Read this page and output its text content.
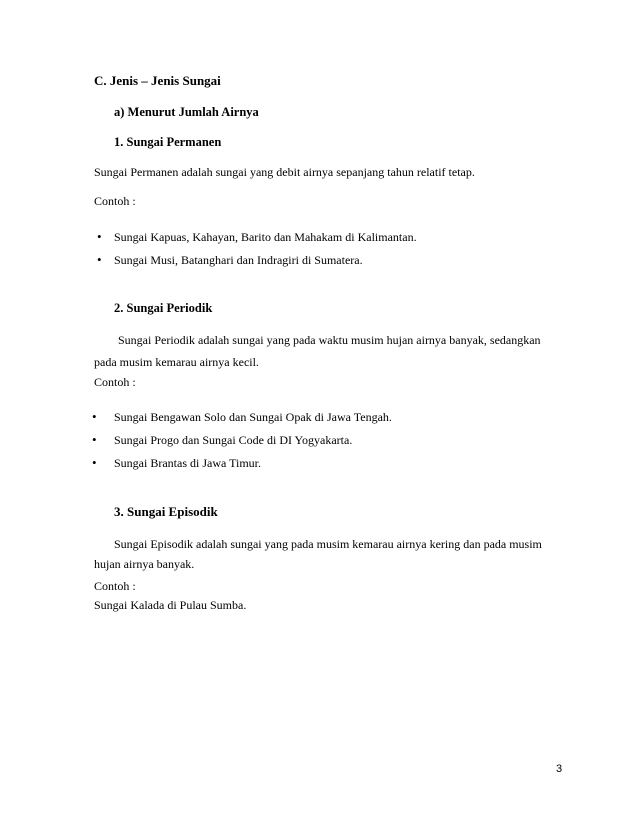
C. Jenis – Jenis Sungai
a) Menurut Jumlah Airnya
1. Sungai Permanen
Sungai Permanen adalah sungai yang debit airnya sepanjang tahun relatif tetap.
Contoh :
• Sungai Kapuas, Kahayan, Barito dan Mahakam di Kalimantan.
• Sungai Musi, Batanghari dan Indragiri di Sumatera.
2. Sungai Periodik
Sungai Periodik adalah sungai yang pada waktu musim hujan airnya banyak, sedangkan
pada musim kemarau airnya kecil.
Contoh :
• Sungai Bengawan Solo dan Sungai Opak di Jawa Tengah.
• Sungai Progo dan Sungai Code di DI Yogyakarta.
• Sungai Brantas di Jawa Timur.
3. Sungai Episodik
Sungai Episodik adalah sungai yang pada musim kemarau airnya kering dan pada musim
hujan airnya banyak.
Contoh :
Sungai Kalada di Pulau Sumba.
3
